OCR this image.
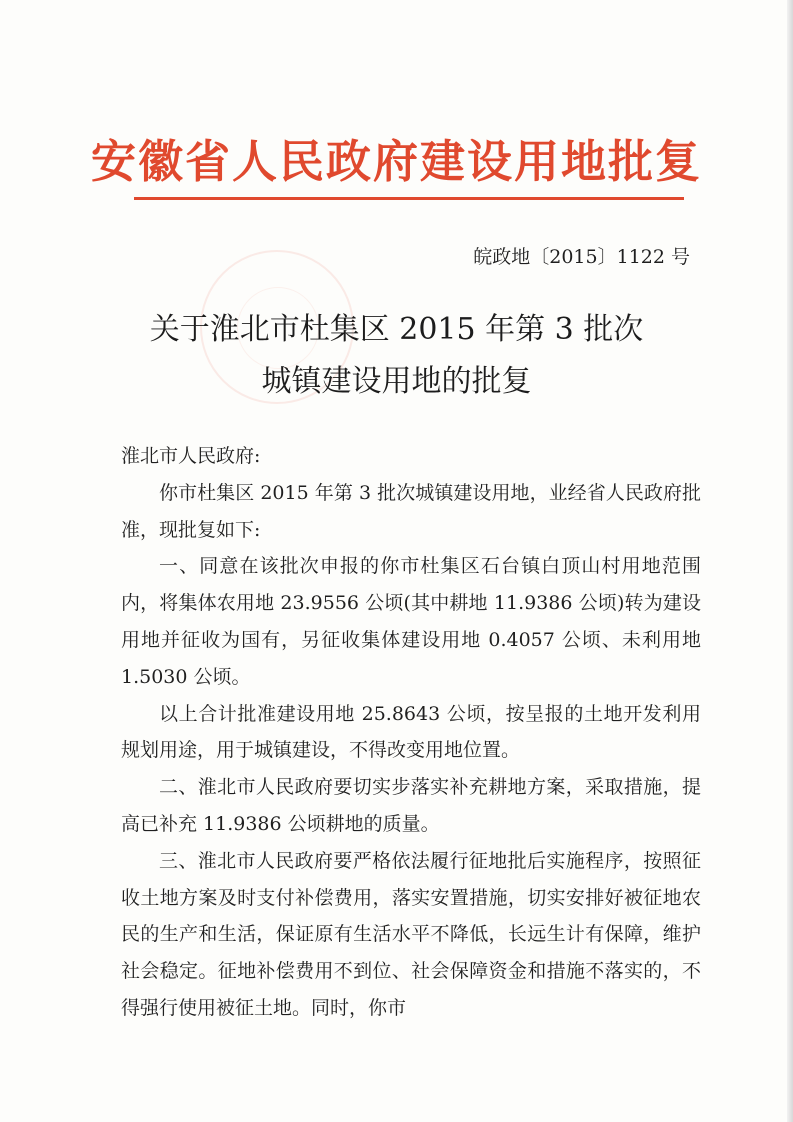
安徽省人民政府建设用地批复
皖政地〔2015〕1122 号
关于淮北市杜集区 2015 年第 3 批次
城镇建设用地的批复

淮北市人民政府:

你市杜集区 2015 年第 3 批次城镇建设用地，业经省人民政府批准，现批复如下:

一、同意在该批次申报的你市杜集区石台镇白顶山村用地范围内，将集体农用地 23.9556 公顷(其中耕地 11.9386 公顷)转为建设用地并征收为国有，另征收集体建设用地 0.4057 公顷、未利用地 1.5030 公顷。

以上合计批准建设用地 25.8643 公顷，按呈报的土地开发利用规划用途，用于城镇建设，不得改变用地位置。

二、淮北市人民政府要切实步落实补充耕地方案，采取措施，提高已补充 11.9386 公顷耕地的质量。

三、淮北市人民政府要严格依法履行征地批后实施程序，按照征收土地方案及时支付补偿费用，落实安置措施，切实安排好被征地农民的生产和生活，保证原有生活水平不降低，长远生计有保障，维护社会稳定。征地补偿费用不到位、社会保障资金和措施不落实的，不得强行使用被征土地。同时，你市
